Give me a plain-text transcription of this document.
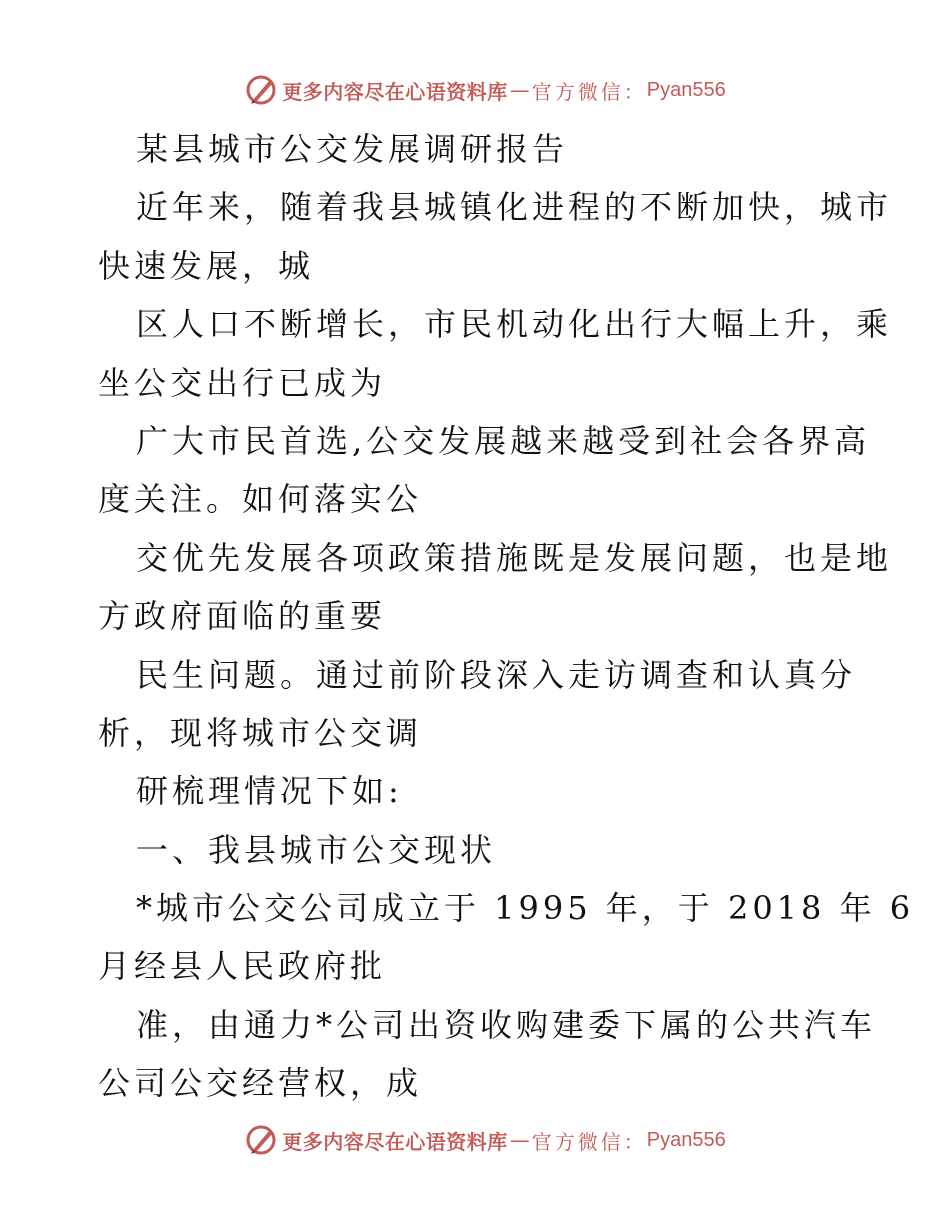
更多内容尽在心语资料库 — 官方微信： Pyan556
某县城市公交发展调研报告
近年来，随着我县城镇化进程的不断加快，城市
快速发展，城
区人口不断增长，市民机动化出行大幅上升，乘
坐公交出行已成为
广大市民首选,公交发展越来越受到社会各界高
度关注。如何落实公
交优先发展各项政策措施既是发展问题，也是地
方政府面临的重要
民生问题。通过前阶段深入走访调查和认真分
析，现将城市公交调
研梳理情况下如:
一、我县城市公交现状
*城市公交公司成立于 1995 年，于 2018 年 6
月经县人民政府批
准，由通力*公司出资收购建委下属的公共汽车
公司公交经营权，成
更多内容尽在心语资料库 — 官方微信： Pyan556
